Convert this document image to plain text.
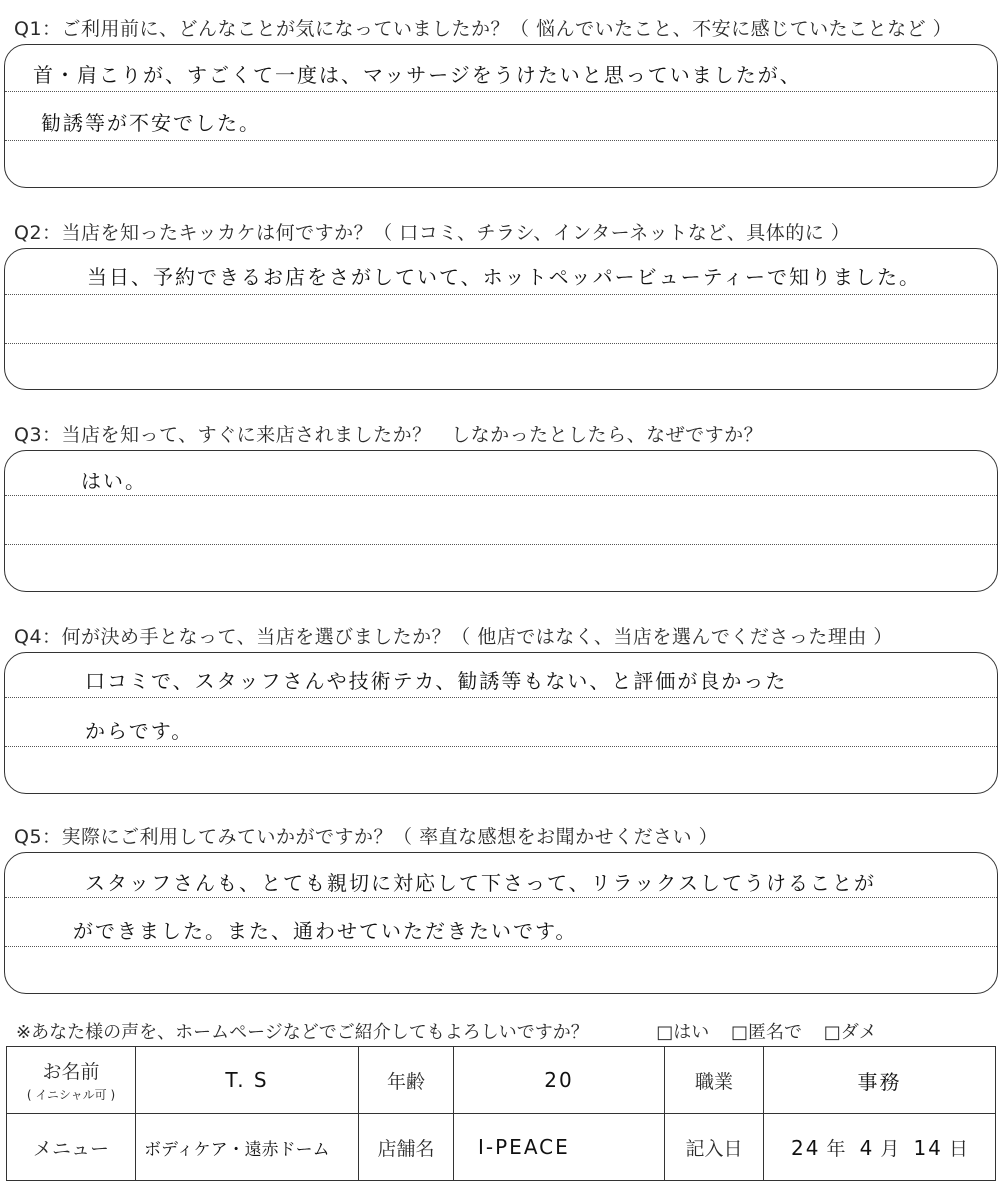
Q1：ご利用前に、どんなことが気になっていましたか？（ 悩んでいたこと、不安に感じていたことなど ）
首・肩こりが、すごくて一度は、マッサージをうけたいと思っていましたが、
勧誘等が不安でした。
Q2：当店を知ったキッカケは何ですか？（ 口コミ、チラシ、インターネットなど、具体的に ）
当日、予約できるお店をさがしていて、ホットペッパービューティーで知りました。
Q3：当店を知って、すぐに来店されましたか？　しなかったとしたら、なぜですか？
はい。
Q4：何が決め手となって、当店を選びましたか？（ 他店ではなく、当店を選んでくださった理由 ）
口コミで、スタッフさんや技術テカ、勧誘等もない、と評価が良かった
からです。
Q5：実際にご利用してみていかがですか？（ 率直な感想をお聞かせください ）
スタッフさんも、とても親切に対応して下さって、リラックスしてうけることが
ができました。また、通わせていただきたいです。
※あなた様の声を、ホームページなどでご紹介してもよろしいですか？	□はい □匿名で □ダメ
お名前
( イニシャル可 )	T. S	年齢	20	職業	事務
メニュー	ボディケア・遠赤ドーム	店舗名	I-PEACE	記入日	24 年 4 月 14 日
